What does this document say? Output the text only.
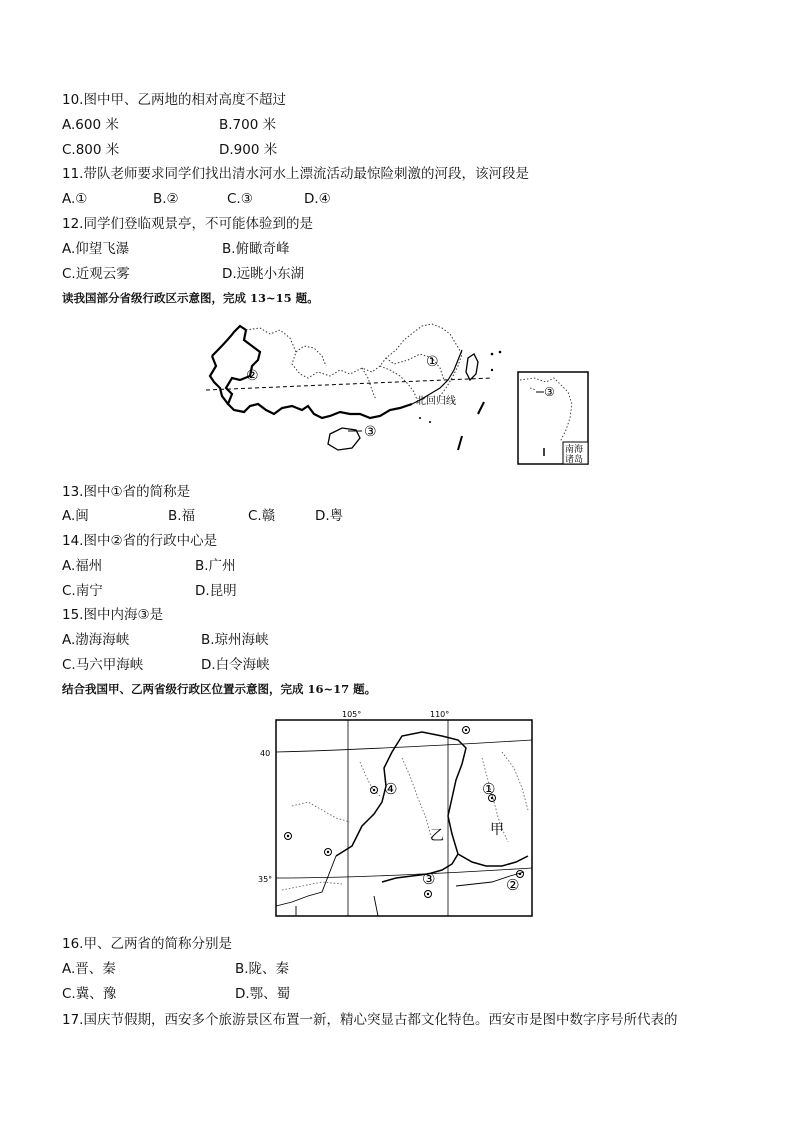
10.图中甲、乙两地的相对高度不超过
A.600 米	B.700 米
C.800 米	D.900 米
11.带队老师要求同学们找出清水河水上漂流活动最惊险刺激的河段，该河段是
A.①	B.②	C.③	D.④
12.同学们登临观景亭，不可能体验到的是
A.仰望飞瀑	B.俯瞰奇峰
C.近观云雾	D.远眺小东湖
读我国部分省级行政区示意图，完成 13~15 题。
北回归线
①
②
③
③
南海
诸岛
13.图中①省的简称是
A.闽	B.福	C.赣	D.粤
14.图中②省的行政中心是
A.福州	B.广州
C.南宁	D.昆明
15.图中内海③是
A.渤海海峡	B.琼州海峡
C.马六甲海峡	D.白令海峡
结合我国甲、乙两省级行政区位置示意图，完成 16~17 题。
105°	110°
40
35°
①
②
③
④
甲
乙
16.甲、乙两省的简称分别是
A.晋、秦	B.陇、秦
C.冀、豫	D.鄂、蜀
17.国庆节假期，西安多个旅游景区布置一新，精心突显古都文化特色。西安市是图中数字序号所代表的
